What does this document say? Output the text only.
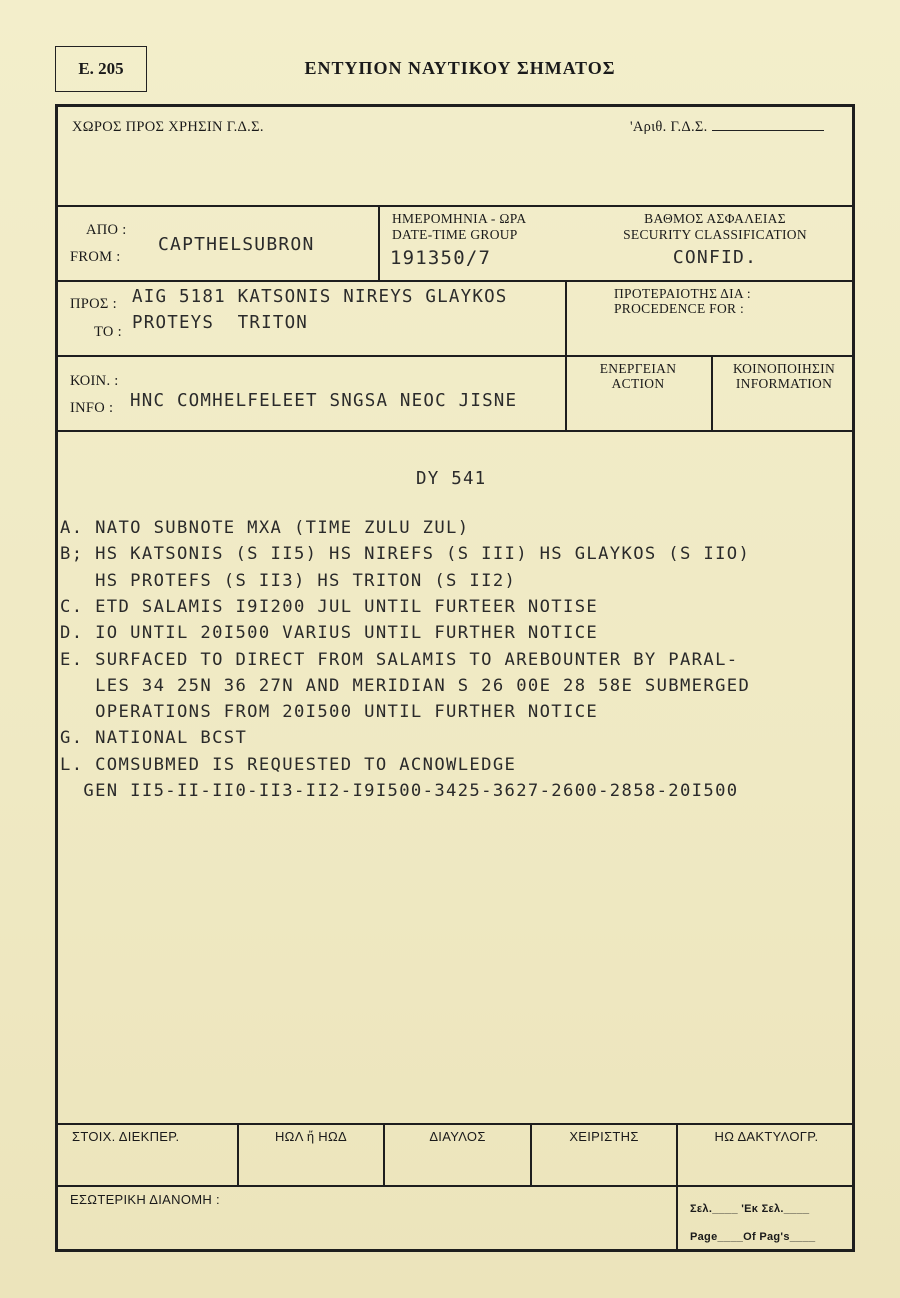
E. 205	ΕΝΤΥΠΟΝ ΝΑΥΤΙΚΟΥ ΣΗΜΑΤΟΣ
ΧΩΡΟΣ ΠΡΟΣ ΧΡΗΣΙΝ Γ.Δ.Σ.	'Αριθ. Γ.Δ.Σ.
ΑΠΟ :
FROM :
CAPTHELSUBRON
ΗΜΕΡΟΜΗΝΙΑ - ΩΡΑ
DATE-TIME GROUP
191350/7
ΒΑΘΜΟΣ ΑΣΦΑΛΕΙΑΣ
SECURITY CLASSIFICATION
CONFID.
ΠΡΟΣ :
TO :
AIG 5181 KATSONIS NIREYS GLAYKOS
PROTEYS  TRITON
ΠΡΟΤΕΡΑΙΟΤΗΣ ΔΙΑ :
PROCEDENCE FOR :
ΚΟΙΝ. :
INFO : HNC COMHELFELEET SNGSA NEOC JISNE
ΕΝΕΡΓΕΙΑΝ
ACTION
ΚΟΙΝΟΠΟΙΗΣΙΝ
INFORMATION
DY 541
A. NATO SUBNOTE MXA (TIME ZULU ZUL)
B; HS KATSONIS (S II5) HS NIREFS (S III) HS GLAYKOS (S IIO)
HS PROTEFS (S II3) HS TRITON (S II2)
C. ETD SALAMIS I9I200 JUL UNTIL FURTEER NOTISE
D. IO UNTIL 20I500 VARIUS UNTIL FURTHER NOTICE
E. SURFACED TO DIRECT FROM SALAMIS TO AREBOUNTER BY PARAL-
LES 34 25N 36 27N AND MERIDIAN S 26 00E 28 58E SUBMERGED
OPERATIONS FROM 20I500 UNTIL FURTHER NOTICE
G. NATIONAL BCST
L. COMSUBMED IS REQUESTED TO ACNOWLEDGE
GEN II5-II-II0-II3-II2-I9I500-3425-3627-2600-2858-20I500
ΣΤΟΙΧ. ΔΙΕΚΠΕΡ.	ΗΩΛ ἤ ΗΩΔ	ΔΙΑΥΛΟΣ	ΧΕΙΡΙΣΤΗΣ	ΗΩ ΔΑΚΤΥΛΟΓΡ.
ΕΣΩΤΕΡΙΚΗ ΔΙΑΝΟΜΗ :
Σελ.____ 'Εκ Σελ.____
Page____Of Pag's____
